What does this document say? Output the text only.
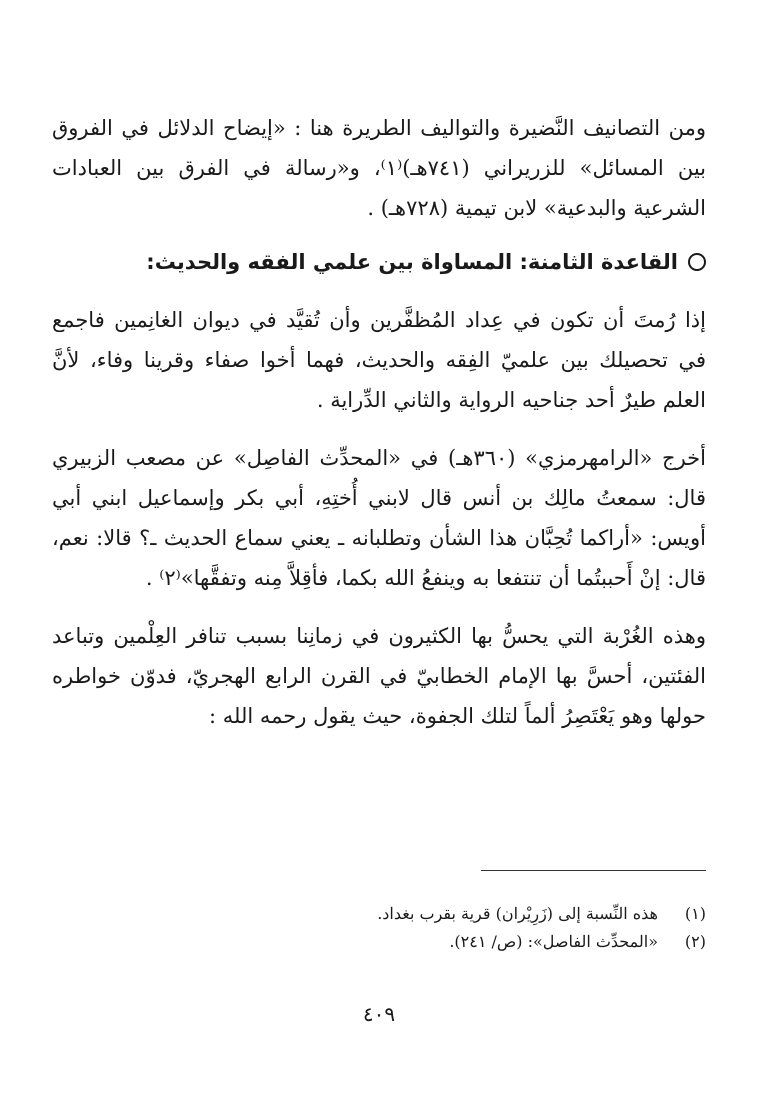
ومن التصانيف النَّضيرة والتواليف الطريرة هنا : «إيضاح الدلائل في الفروق بين المسائل» للزريراني (٧٤١هـ)⁽١⁾، و«رسالة في الفرق بين العبادات الشرعية والبدعية» لابن تيمية (٧٢٨هـ) .

القاعدة الثامنة: المساواة بين علمي الفقه والحديث:

إذا رُمتَ أن تكون في عِداد المُظفَّرين وأن تُقيَّد في ديوان الغانِمين فاجمع في تحصيلك بين علميّ الفِقه والحديث، فهما أخوا صفاء وقرينا وفاء، لأنَّ العلم طيرٌ أحد جناحيه الرواية والثاني الدِّراية .

أخرج «الرامهرمزي» (٣٦٠هـ) في «المحدِّث الفاصِل» عن مصعب الزبيري قال: سمعتُ مالِك بن أنس قال لابني أُختِهِ، أبي بكر وإسماعيل ابني أبي أويس: «أراكما تُحِبَّان هذا الشأن وتطلبانه ـ يعني سماع الحديث ـ؟ قالا: نعم، قال: إنْ أَحببتُما أن تنتفعا به وينفعُ الله بكما، فأقِلاَّ مِنه وتفقَّها»⁽٢⁾ .

وهذه الغُرْبة التي يحسُّ بها الكثيرون في زمانِنا بسبب تنافر العِلْمين وتباعد الفئتين، أحسَّ بها الإمام الخطابيّ في القرن الرابع الهجريّ، فدوّن خواطره حولها وهو يَعْتَصِرُ ألماً لتلك الجفوة، حيث يقول رحمه الله :

(١)
هذه النِّسبة إلى (زَرِيْران) قرية بقرب بغداد.
(٢)
«المحدِّث الفاصل»: (ص/ ٢٤١).
٤٠٩
